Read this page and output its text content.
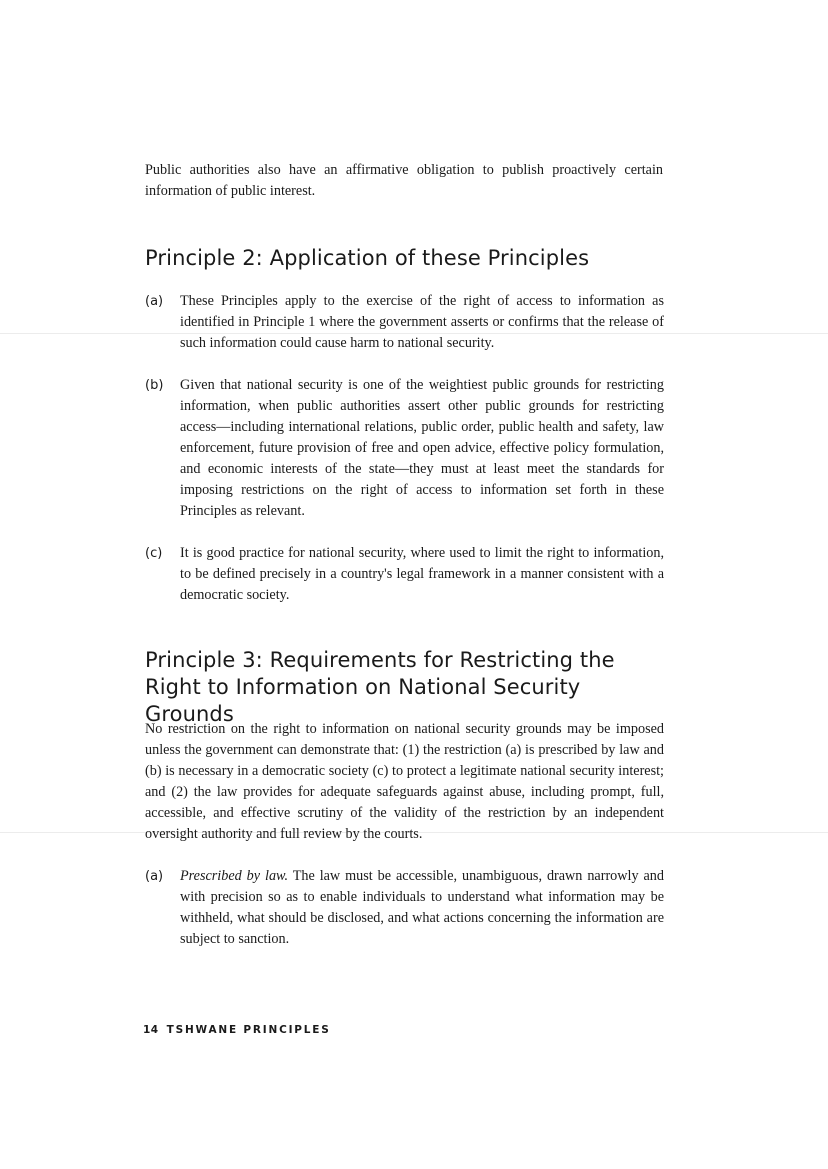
Public authorities also have an affirmative obligation to publish proactively certain information of public interest.

Principle 2: Application of these Principles
(a)	These Principles apply to the exercise of the right of access to information as identified in Principle 1 where the government asserts or confirms that the release of such information could cause harm to national security.

(b)	Given that national security is one of the weightiest public grounds for restricting information, when public authorities assert other public grounds for restricting access—including international relations, public order, public health and safety, law enforcement, future provision of free and open advice, effective policy formulation, and economic interests of the state—they must at least meet the standards for imposing restrictions on the right of access to information set forth in these Principles as relevant.

(c)	It is good practice for national security, where used to limit the right to information, to be defined precisely in a country's legal framework in a manner consistent with a democratic society.

Principle 3: Requirements for Restricting the Right to Information on National Security Grounds

No restriction on the right to information on national security grounds may be imposed unless the government can demonstrate that: (1) the restriction (a) is prescribed by law and (b) is necessary in a democratic society (c) to protect a legitimate national security interest; and (2) the law provides for adequate safeguards against abuse, including prompt, full, accessible, and effective scrutiny of the validity of the restriction by an independent oversight authority and full review by the courts.

(a)	Prescribed by law. The law must be accessible, unambiguous, drawn narrowly and with precision so as to enable individuals to understand what information may be withheld, what should be disclosed, and what actions concerning the information are subject to sanction.

14 TSHWANE PRINCIPLES
